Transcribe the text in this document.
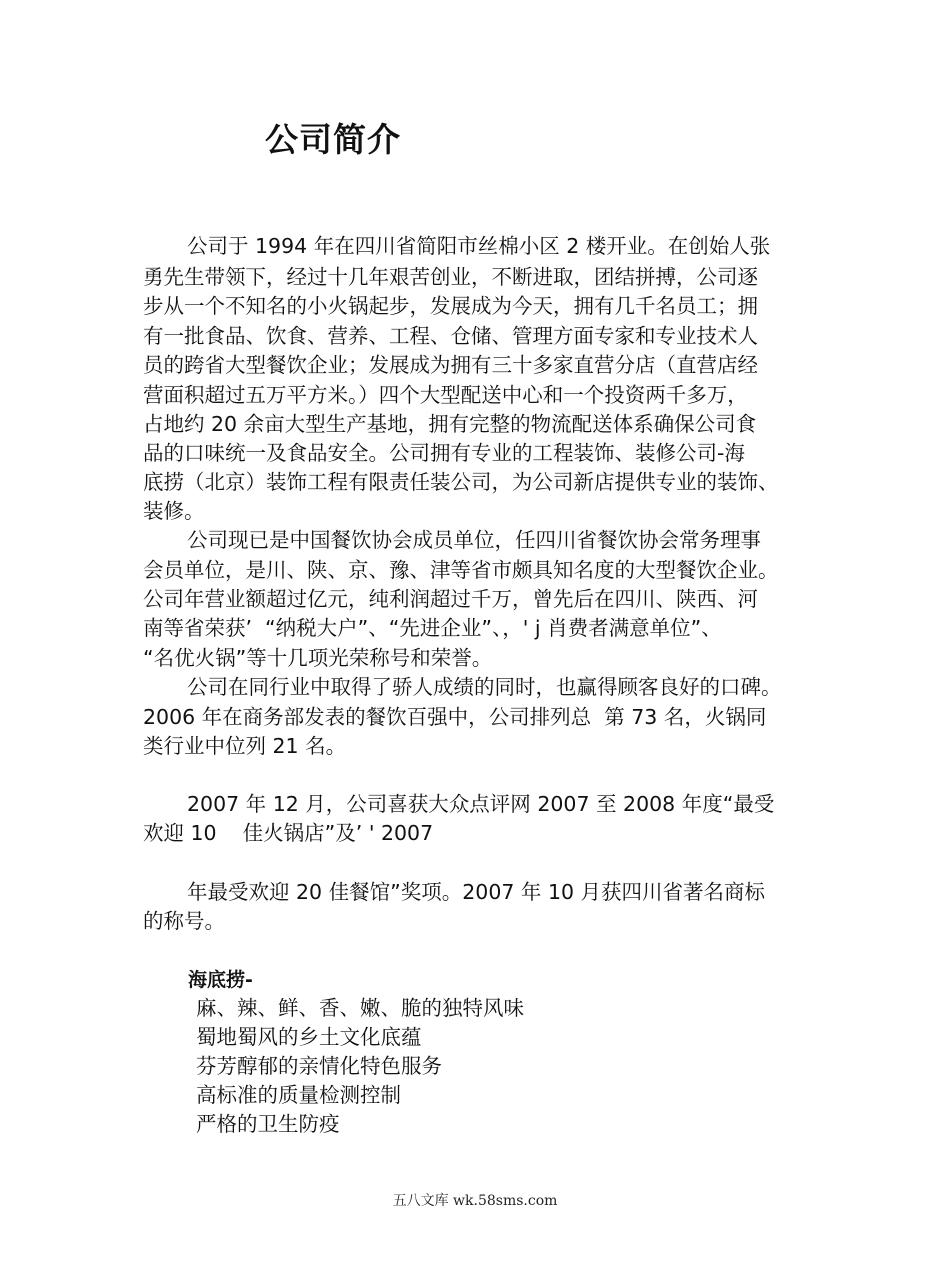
公司简介
公司于 1994 年在四川省简阳市丝棉小区 2 楼开业。在创始人张
勇先生带领下，经过十几年艰苦创业，不断进取，团结拼搏，公司逐
步从一个不知名的小火锅起步，发展成为今天，拥有几千名员工；拥
有一批食品、饮食、营养、工程、仓储、管理方面专家和专业技术人
员的跨省大型餐饮企业；发展成为拥有三十多家直营分店（直营店经
营面积超过五万平方米。）四个大型配送中心和一个投资两千多万，
占地约 20 余亩大型生产基地，拥有完整的物流配送体系确保公司食
品的口味统一及食品安全。公司拥有专业的工程装饰、装修公司-海
底捞（北京）装饰工程有限责任装公司，为公司新店提供专业的装饰、
装修。
公司现已是中国餐饮协会成员单位，任四川省餐饮协会常务理事
会员单位，是川、陕、京、豫、津等省市颇具知名度的大型餐饮企业。
公司年营业额超过亿元，纯利润超过千万，曾先后在四川、陕西、河
南等省荣获’  “纳税大户”、“先进企业”、，' j 肖费者满意单位”、
“名优火锅”等十几项光荣称号和荣誉。
公司在同行业中取得了骄人成绩的同时，也赢得顾客良好的口碑。
2006 年在商务部发表的餐饮百强中，公司排列总  第 73 名，火锅同
类行业中位列 21 名。
2007 年 12 月，公司喜获大众点评网 2007 至 2008 年度“最受
欢迎 10    佳火锅店”及’ ' 2007
年最受欢迎 20 佳餐馆”奖项。2007 年 10 月获四川省著名商标
的称号。
海底捞-
麻、辣、鲜、香、嫩、脆的独特风味
蜀地蜀风的乡土文化底蕴
芬芳醇郁的亲情化特色服务
高标准的质量检测控制
严格的卫生防疫
五八文库 wk.58sms.com
